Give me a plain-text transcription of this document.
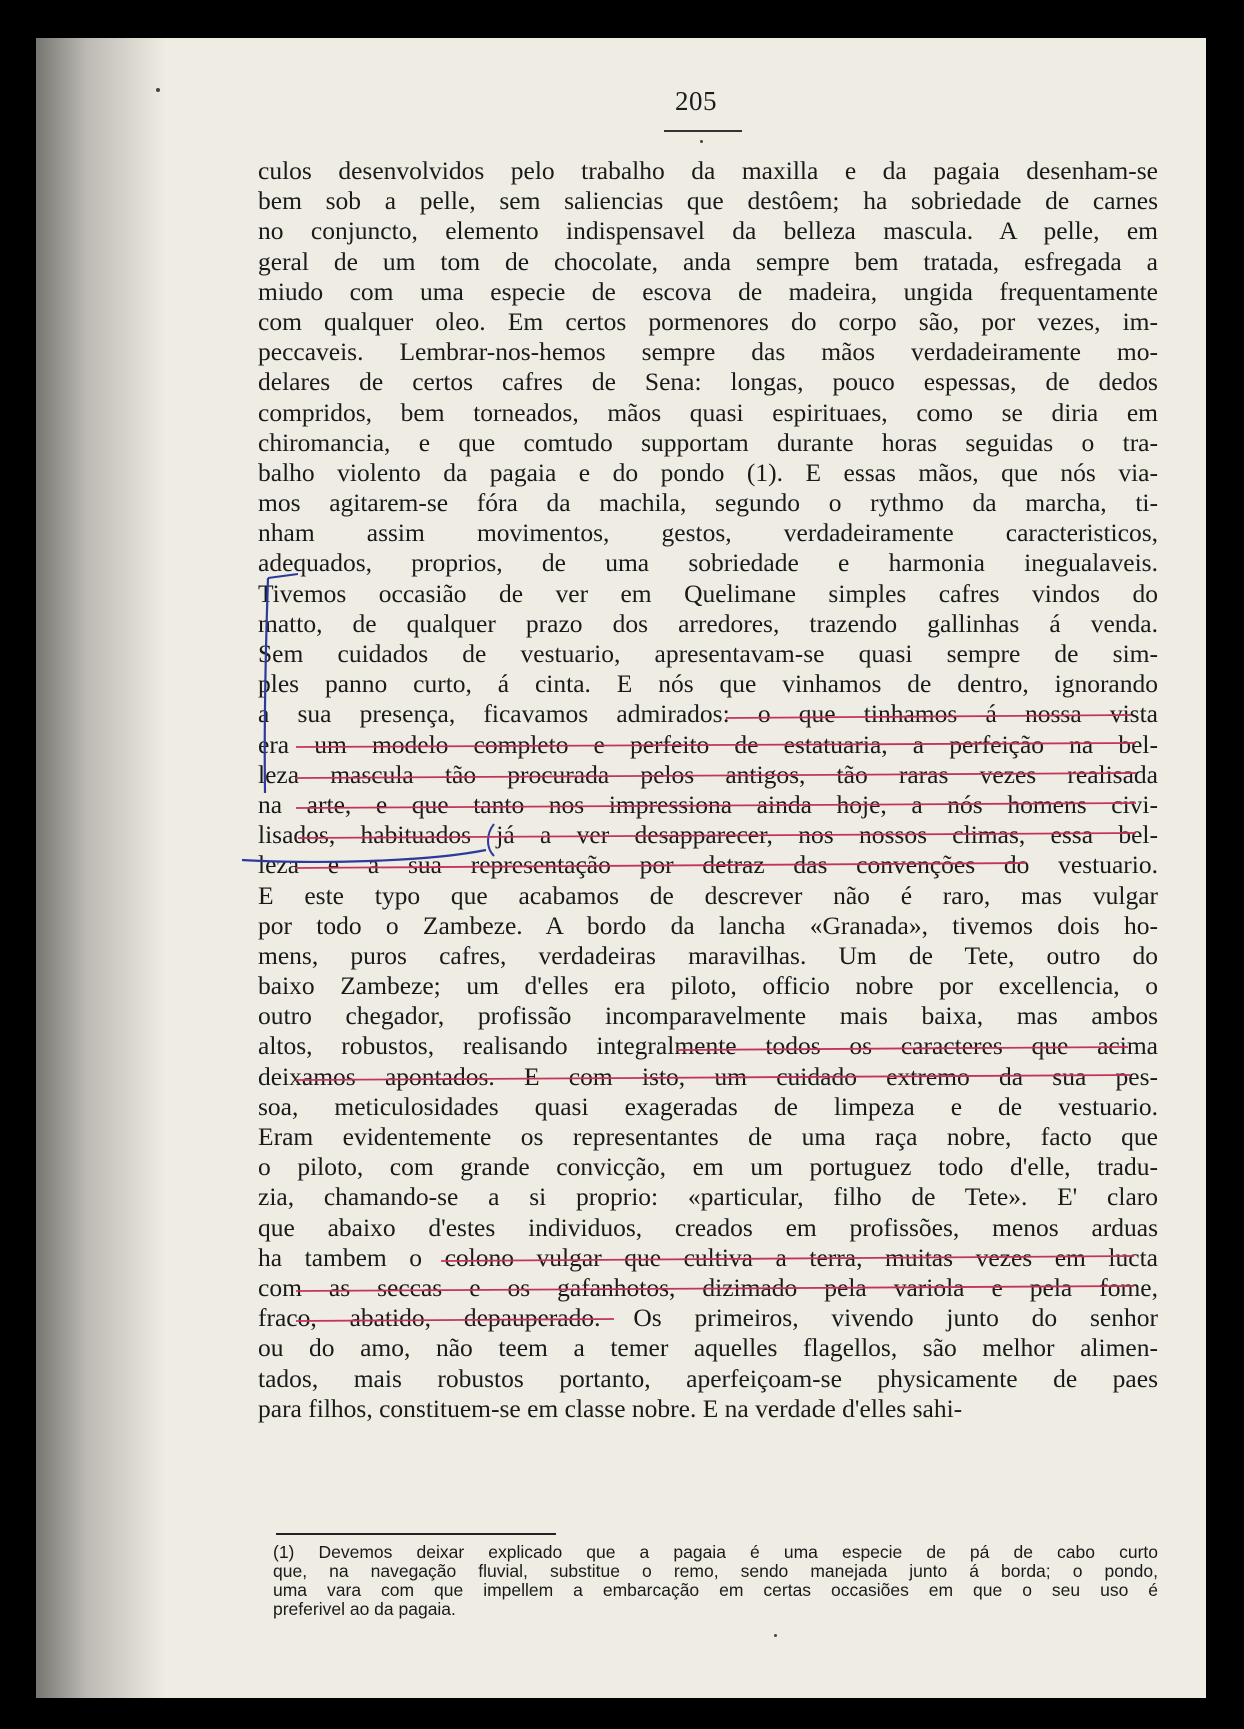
205
culos desenvolvidos pelo trabalho da maxilla e da pagaia desenham-se
bem sob a pelle, sem saliencias que destôem; ha sobriedade de carnes
no conjuncto, elemento indispensavel da belleza mascula. A pelle, em
geral de um tom de chocolate, anda sempre bem tratada, esfregada a
miudo com uma especie de escova de madeira, ungida frequentamente
com qualquer oleo. Em certos pormenores do corpo são, por vezes, im-
peccaveis. Lembrar-nos-hemos sempre das mãos verdadeiramente mo-
delares de certos cafres de Sena: longas, pouco espessas, de dedos
compridos, bem torneados, mãos quasi espirituaes, como se diria em
chiromancia, e que comtudo supportam durante horas seguidas o tra-
balho violento da pagaia e do pondo (1). E essas mãos, que nós via-
mos agitarem-se fóra da machila, segundo o rythmo da marcha, ti-
nham assim movimentos, gestos, verdadeiramente caracteristicos,
adequados, proprios, de uma sobriedade e harmonia inegualaveis.
Tivemos occasião de ver em Quelimane simples cafres vindos do
matto, de qualquer prazo dos arredores, trazendo gallinhas á venda.
Sem cuidados de vestuario, apresentavam-se quasi sempre de sim-
ples panno curto, á cinta. E nós que vinhamos de dentro, ignorando
a sua presença, ficavamos admirados: o que tinhamos á nossa vista
era um modelo completo e perfeito de estatuaria, a perfeição na bel-
leza mascula tão procurada pelos antigos, tão raras vezes realisada
na arte, e que tanto nos impressiona ainda hoje, a nós homens civi-
lisados, habituados já a ver desapparecer, nos nossos climas, essa bel-
leza e a sua representação por detraz das convenções do vestuario.
E este typo que acabamos de descrever não é raro, mas vulgar
por todo o Zambeze. A bordo da lancha «Granada», tivemos dois ho-
mens, puros cafres, verdadeiras maravilhas. Um de Tete, outro do
baixo Zambeze; um d'elles era piloto, officio nobre por excellencia, o
outro chegador, profissão incomparavelmente mais baixa, mas ambos
altos, robustos, realisando integralmente todos os caracteres que acima
deixamos apontados. E com isto, um cuidado extremo da sua pes-
soa, meticulosidades quasi exageradas de limpeza e de vestuario.
Eram evidentemente os representantes de uma raça nobre, facto que
o piloto, com grande convicção, em um portuguez todo d'elle, tradu-
zia, chamando-se a si proprio: «particular, filho de Tete». E' claro
que abaixo d'estes individuos, creados em profissões, menos arduas
ha tambem o colono vulgar que cultiva a terra, muitas vezes em lucta
com as seccas e os gafanhotos, dizimado pela variola e pela fome,
fraco, abatido, depauperado. Os primeiros, vivendo junto do senhor
ou do amo, não teem a temer aquelles flagellos, são melhor alimen-
tados, mais robustos portanto, aperfeiçoam-se physicamente de paes
para filhos, constituem-se em classe nobre. E na verdade d'elles sahi-
(1) Devemos deixar explicado que a pagaia é uma especie de pá de cabo curto
que, na navegação fluvial, substitue o remo, sendo manejada junto á borda; o pondo,
uma vara com que impellem a embarcação em certas occasiões em que o seu uso é
preferivel ao da pagaia.
